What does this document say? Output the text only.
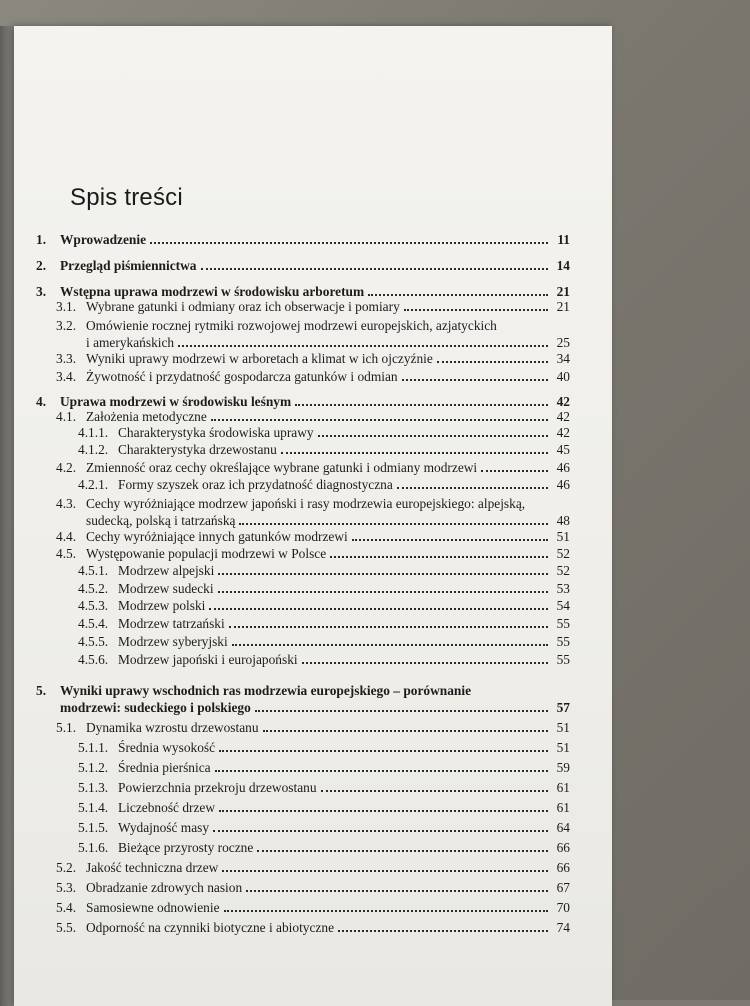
Spis treści
1.	Wprowadzenie	11
2.	Przegląd piśmiennictwa	14
3.	Wstępna uprawa modrzewi w środowisku arboretum	21
3.1. Wybrane gatunki i odmiany oraz ich obserwacje i pomiary	21
3.2. Omówienie rocznej rytmiki rozwojowej modrzewi europejskich, azjatyckich
i amerykańskich	25
3.3. Wyniki uprawy modrzewi w arboretach a klimat w ich ojczyźnie	34
3.4. Żywotność i przydatność gospodarcza gatunków i odmian	40
4.	Uprawa modrzewi w środowisku leśnym	42
4.1. Założenia metodyczne	42
4.1.1. Charakterystyka środowiska uprawy	42
4.1.2. Charakterystyka drzewostanu	45
4.2. Zmienność oraz cechy określające wybrane gatunki i odmiany modrzewi	46
4.2.1. Formy szyszek oraz ich przydatność diagnostyczna	46
4.3. Cechy wyróżniające modrzew japoński i rasy modrzewia europejskiego: alpejską,
sudecką, polską i tatrzańską	48
4.4. Cechy wyróżniające innych gatunków modrzewi	51
4.5. Występowanie populacji modrzewi w Polsce	52
4.5.1. Modrzew alpejski	52
4.5.2. Modrzew sudecki	53
4.5.3. Modrzew polski	54
4.5.4. Modrzew tatrzański	55
4.5.5. Modrzew syberyjski	55
4.5.6. Modrzew japoński i eurojapoński	55
5. Wyniki uprawy wschodnich ras modrzewia europejskiego – porównanie
modrzewi: sudeckiego i polskiego	57
5.1. Dynamika wzrostu drzewostanu	51
5.1.1. Średnia wysokość	51
5.1.2. Średnia pierśnica	59
5.1.3. Powierzchnia przekroju drzewostanu	61
5.1.4. Liczebność drzew	61
5.1.5. Wydajność masy	64
5.1.6. Bieżące przyrosty roczne	66
5.2. Jakość techniczna drzew	66
5.3. Obradzanie zdrowych nasion	67
5.4. Samosiewne odnowienie	70
5.5. Odporność na czynniki biotyczne i abiotyczne	74
